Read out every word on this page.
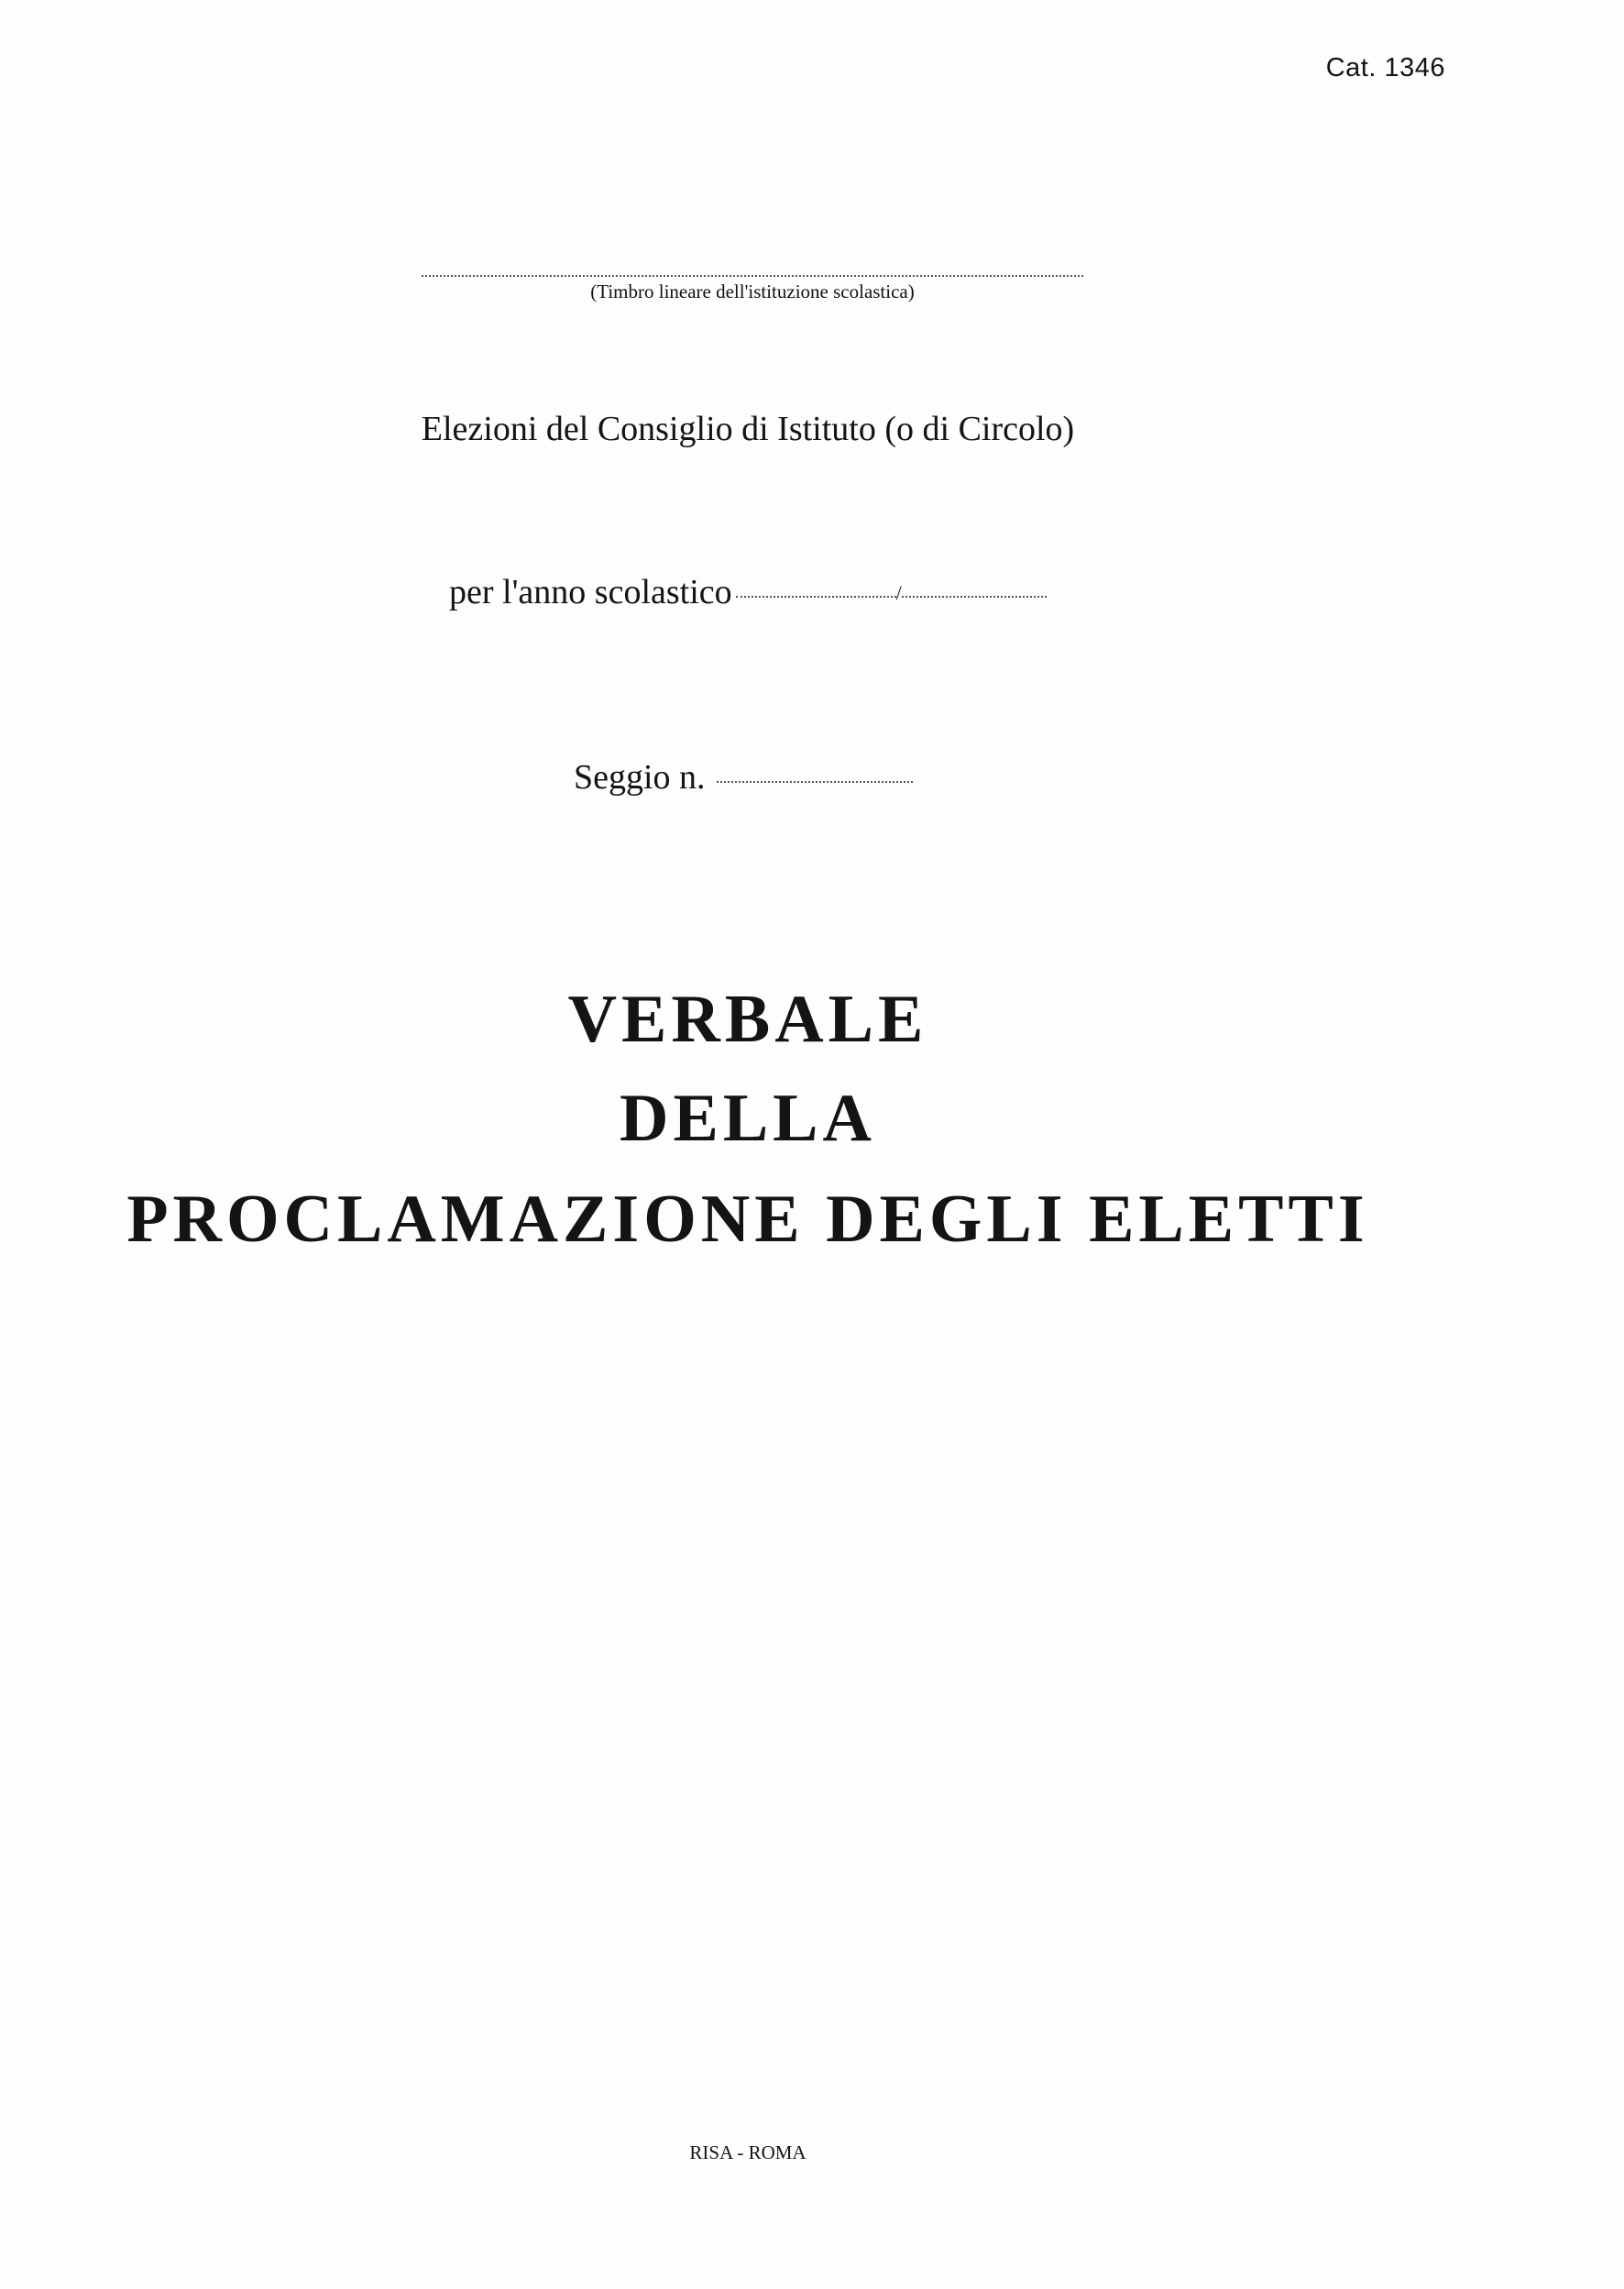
Cat. 1346
(Timbro lineare dell'istituzione scolastica)
Elezioni del Consiglio di Istituto (o di Circolo)
per l'anno scolastico	/
Seggio n.
VERBALE
DELLA
PROCLAMAZIONE DEGLI ELETTI
RISA - ROMA
